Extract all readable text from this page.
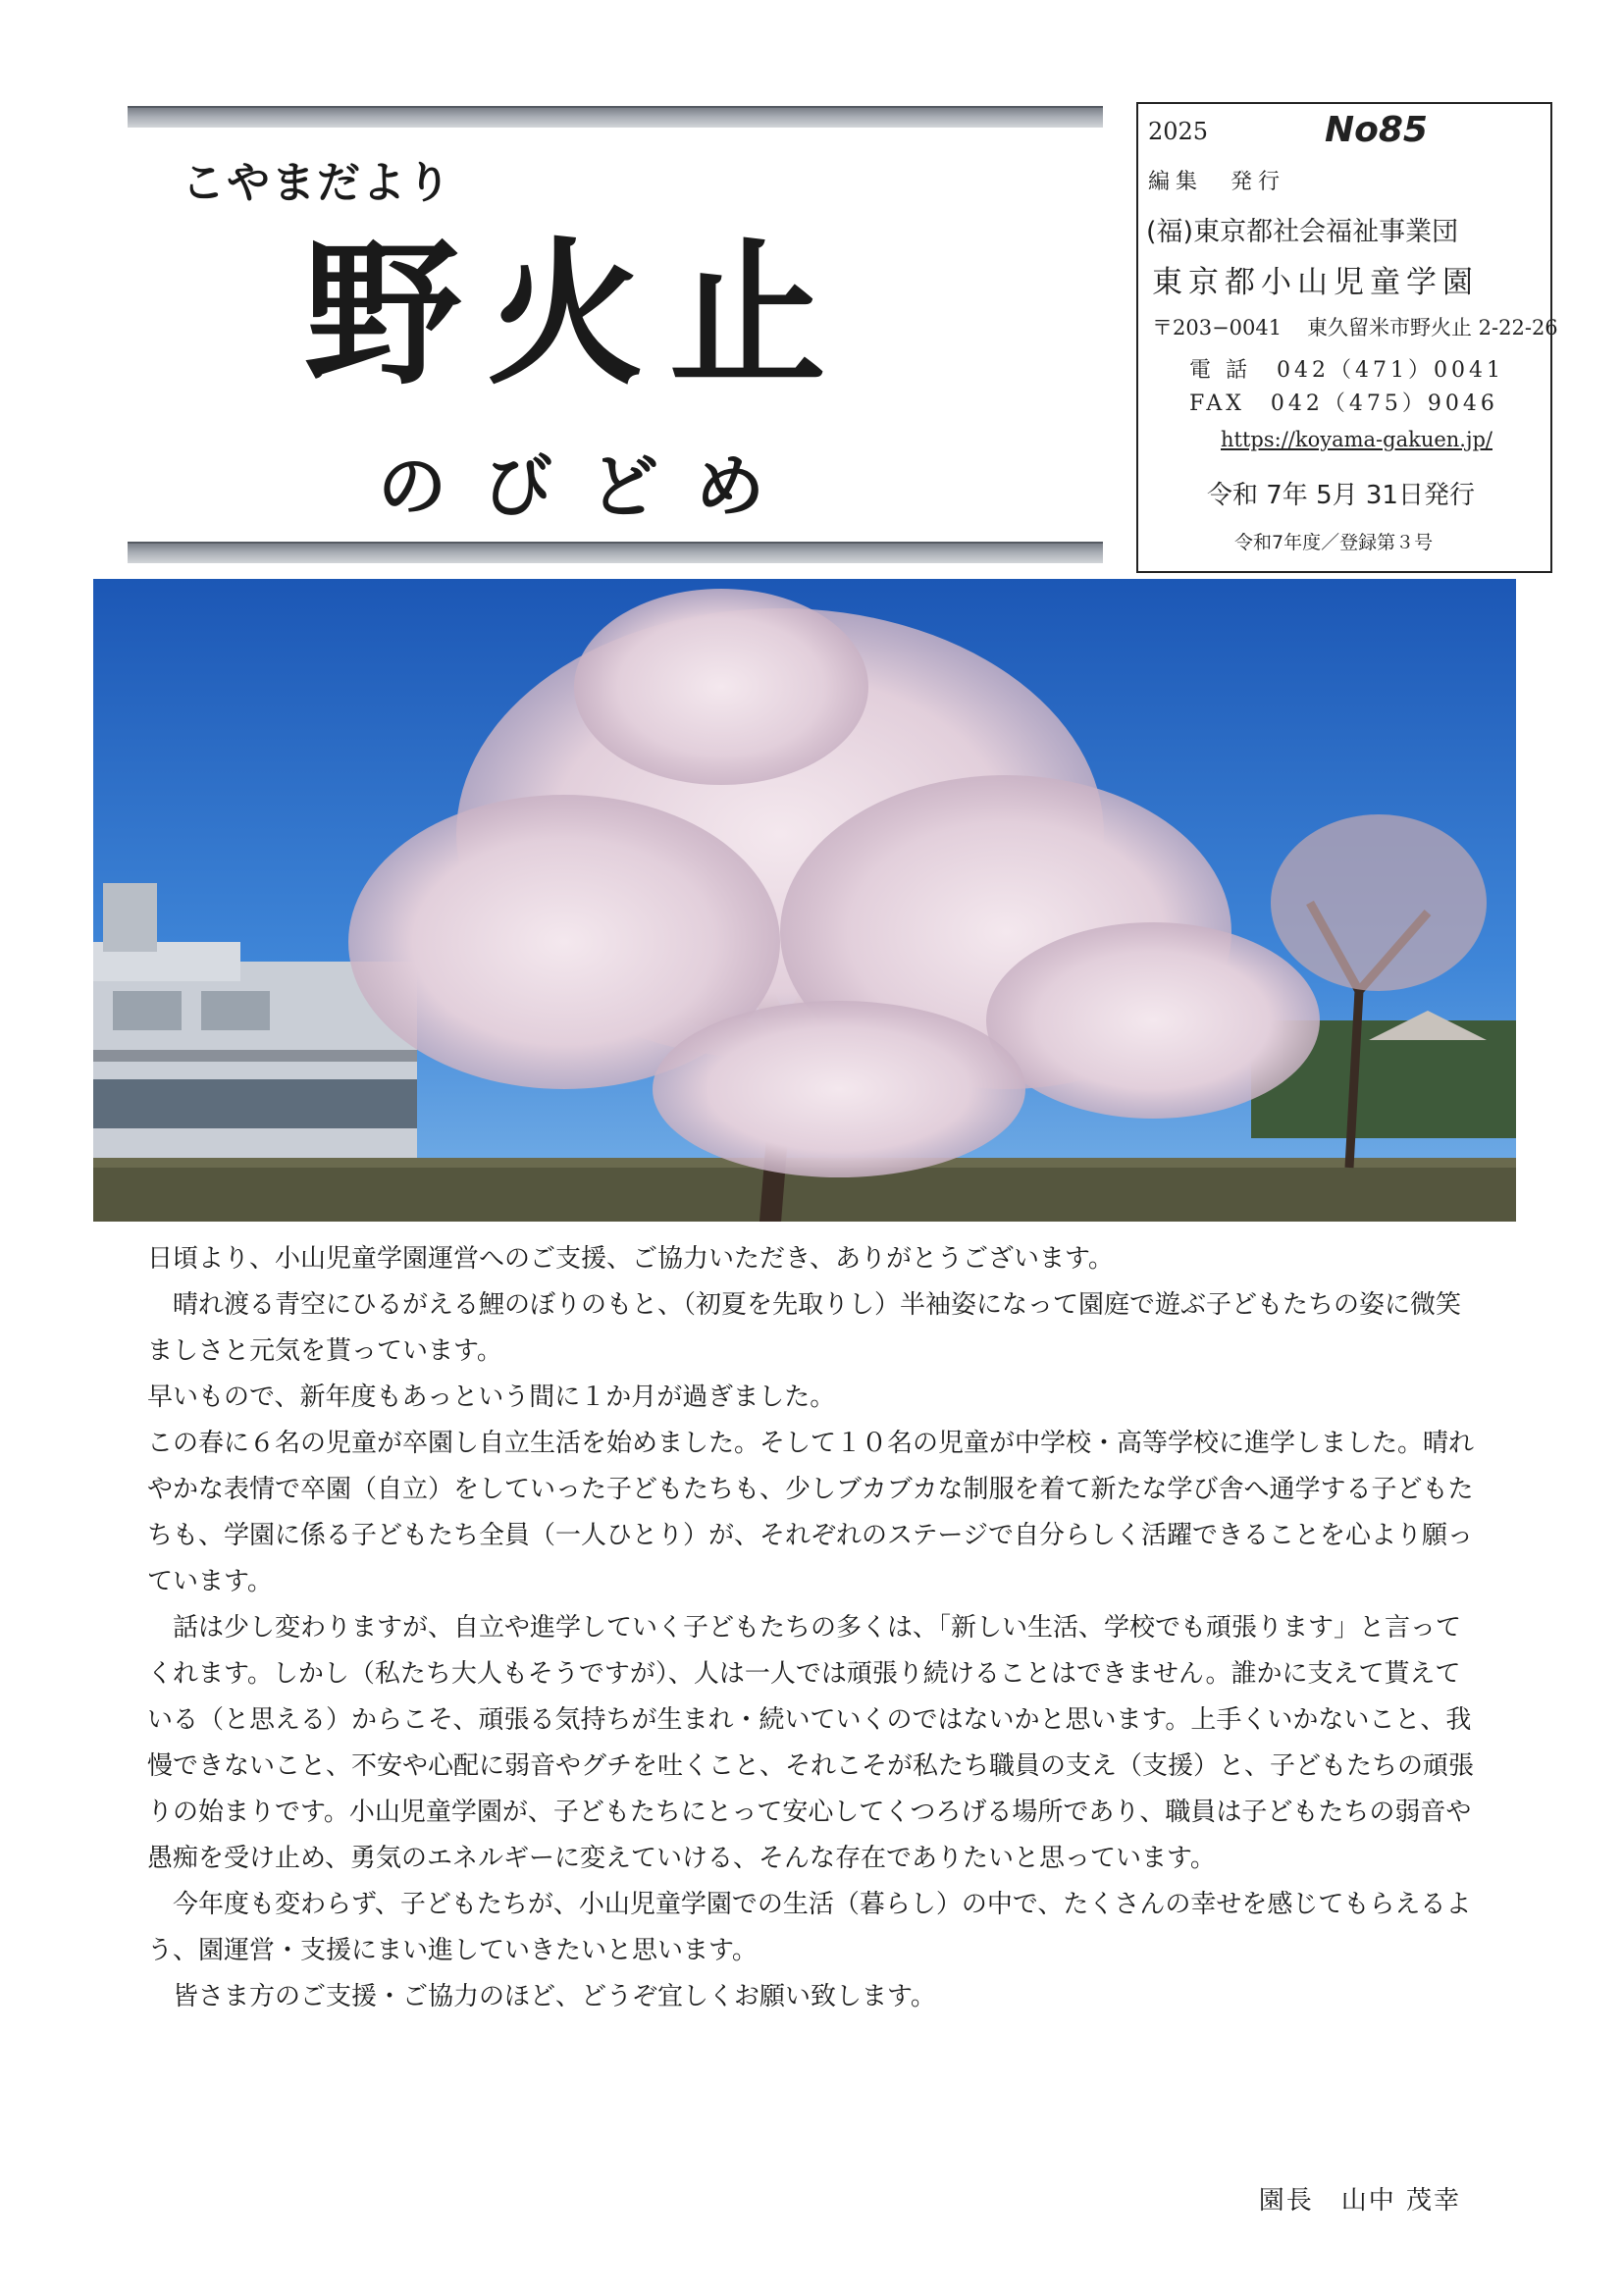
こやまだより
野火止
のびどめ
2025	No85
編集　発行
(福)東京都社会福祉事業団
東京都小山児童学園
〒203−0041 東久留米市野火止 2-22-26
電 話　042（471）0041
FAX　042（475）9046
https://koyama-gakuen.jp/
令和 7年 5月 31日発行
令和7年度／登録第３号

日頃より、小山児童学園運営へのご支援、ご協力いただき、ありがとうございます。

晴れ渡る青空にひるがえる鯉のぼりのもと、（初夏を先取りし）半袖姿になって園庭で遊ぶ子どもたちの姿に微笑ましさと元気を貰っています。

早いもので、新年度もあっという間に１か月が過ぎました。

この春に６名の児童が卒園し自立生活を始めました。そして１０名の児童が中学校・高等学校に進学しました。晴れやかな表情で卒園（自立）をしていった子どもたちも、少しブカブカな制服を着て新たな学び舎へ通学する子どもたちも、学園に係る子どもたち全員（一人ひとり）が、それぞれのステージで自分らしく活躍できることを心より願っています。

話は少し変わりますが、自立や進学していく子どもたちの多くは、「新しい生活、学校でも頑張ります」と言ってくれます。しかし（私たち大人もそうですが）、人は一人では頑張り続けることはできません。誰かに支えて貰えている（と思える）からこそ、頑張る気持ちが生まれ・続いていくのではないかと思います。上手くいかないこと、我慢できないこと、不安や心配に弱音やグチを吐くこと、それこそが私たち職員の支え（支援）と、子どもたちの頑張りの始まりです。小山児童学園が、子どもたちにとって安心してくつろげる場所であり、職員は子どもたちの弱音や愚痴を受け止め、勇気のエネルギーに変えていける、そんな存在でありたいと思っています。

今年度も変わらず、子どもたちが、小山児童学園での生活（暮らし）の中で、たくさんの幸せを感じてもらえるよう、園運営・支援にまい進していきたいと思います。

皆さま方のご支援・ご協力のほど、どうぞ宜しくお願い致します。

園長　山中 茂幸
